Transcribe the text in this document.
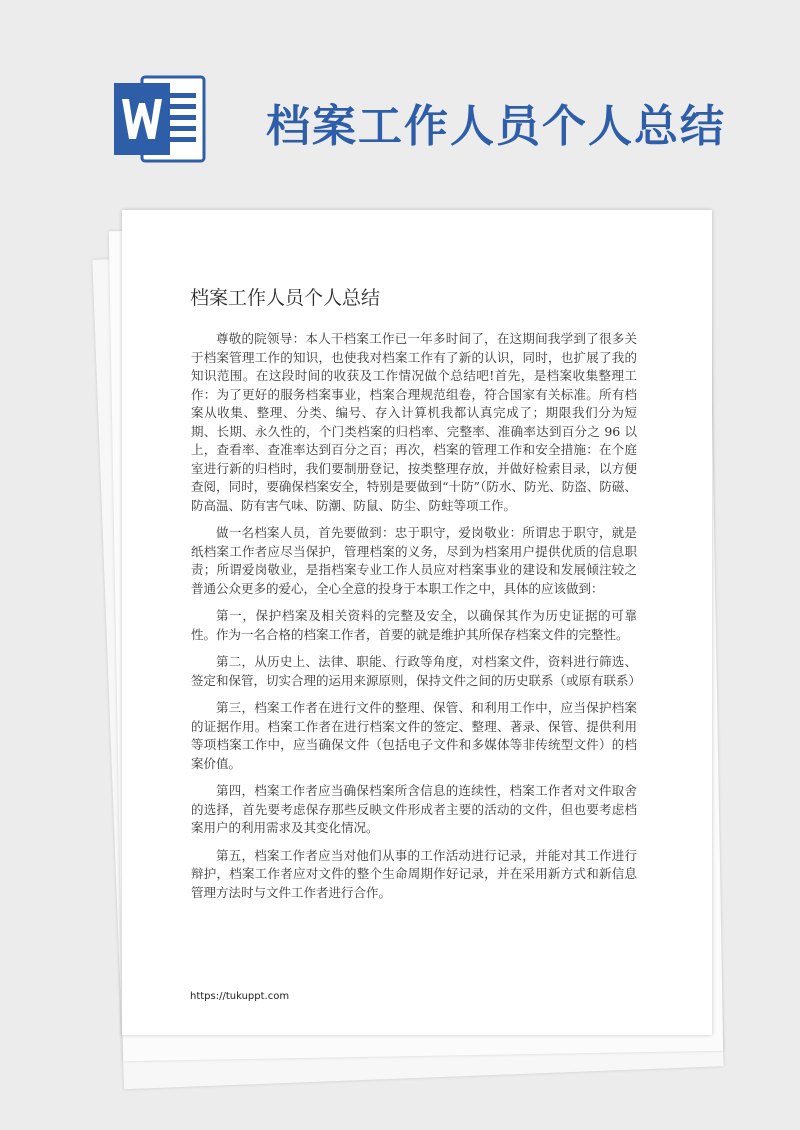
档案工作人员个人总结
档案工作人员个人总结

尊敬的院领导：本人干档案工作已一年多时间了，在这期间我学到了很多关于档案管理工作的知识，也使我对档案工作有了新的认识，同时，也扩展了我的知识范围。在这段时间的收获及工作情况做个总结吧!首先，是档案收集整理工作：为了更好的服务档案事业，档案合理规范组卷，符合国家有关标准。所有档案从收集、整理、分类、编号、存入计算机我都认真完成了；期限我们分为短期、长期、永久性的，个门类档案的归档率、完整率、准确率达到百分之 96 以上，查看率、查准率达到百分之百；再次，档案的管理工作和安全措施：在个庭室进行新的归档时，我们要制册登记，按类整理存放，并做好检索目录，以方便查阅，同时，要确保档案安全，特别是要做到“十防”（防水、防光、防盗、防磁、防高温、防有害气味、防潮、防鼠、防尘、防蛀等项工作。

做一名档案人员，首先要做到：忠于职守，爱岗敬业：所谓忠于职守，就是纸档案工作者应尽当保护，管理档案的义务，尽到为档案用户提供优质的信息职责；所谓爱岗敬业，是指档案专业工作人员应对档案事业的建设和发展倾注较之普通公众更多的爱心，全心全意的投身于本职工作之中，具体的应该做到：

第一，保护档案及相关资料的完整及安全，以确保其作为历史证据的可靠性。作为一名合格的档案工作者，首要的就是维护其所保存档案文件的完整性。

第二，从历史上、法律、职能、行政等角度，对档案文件，资料进行筛选、签定和保管，切实合理的运用来源原则，保持文件之间的历史联系（或原有联系）

第三，档案工作者在进行文件的整理、保管、和利用工作中，应当保护档案的证据作用。档案工作者在进行档案文件的签定、整理、著录、保管、提供利用等项档案工作中，应当确保文件（包括电子文件和多媒体等非传统型文件）的档案价值。

第四，档案工作者应当确保档案所含信息的连续性，档案工作者对文件取舍的选择，首先要考虑保存那些反映文件形成者主要的活动的文件，但也要考虑档案用户的利用需求及其变化情况。

第五，档案工作者应当对他们从事的工作活动进行记录，并能对其工作进行辩护，档案工作者应对文件的整个生命周期作好记录，并在采用新方式和新信息管理方法时与文件工作者进行合作。

https://tukuppt.com
